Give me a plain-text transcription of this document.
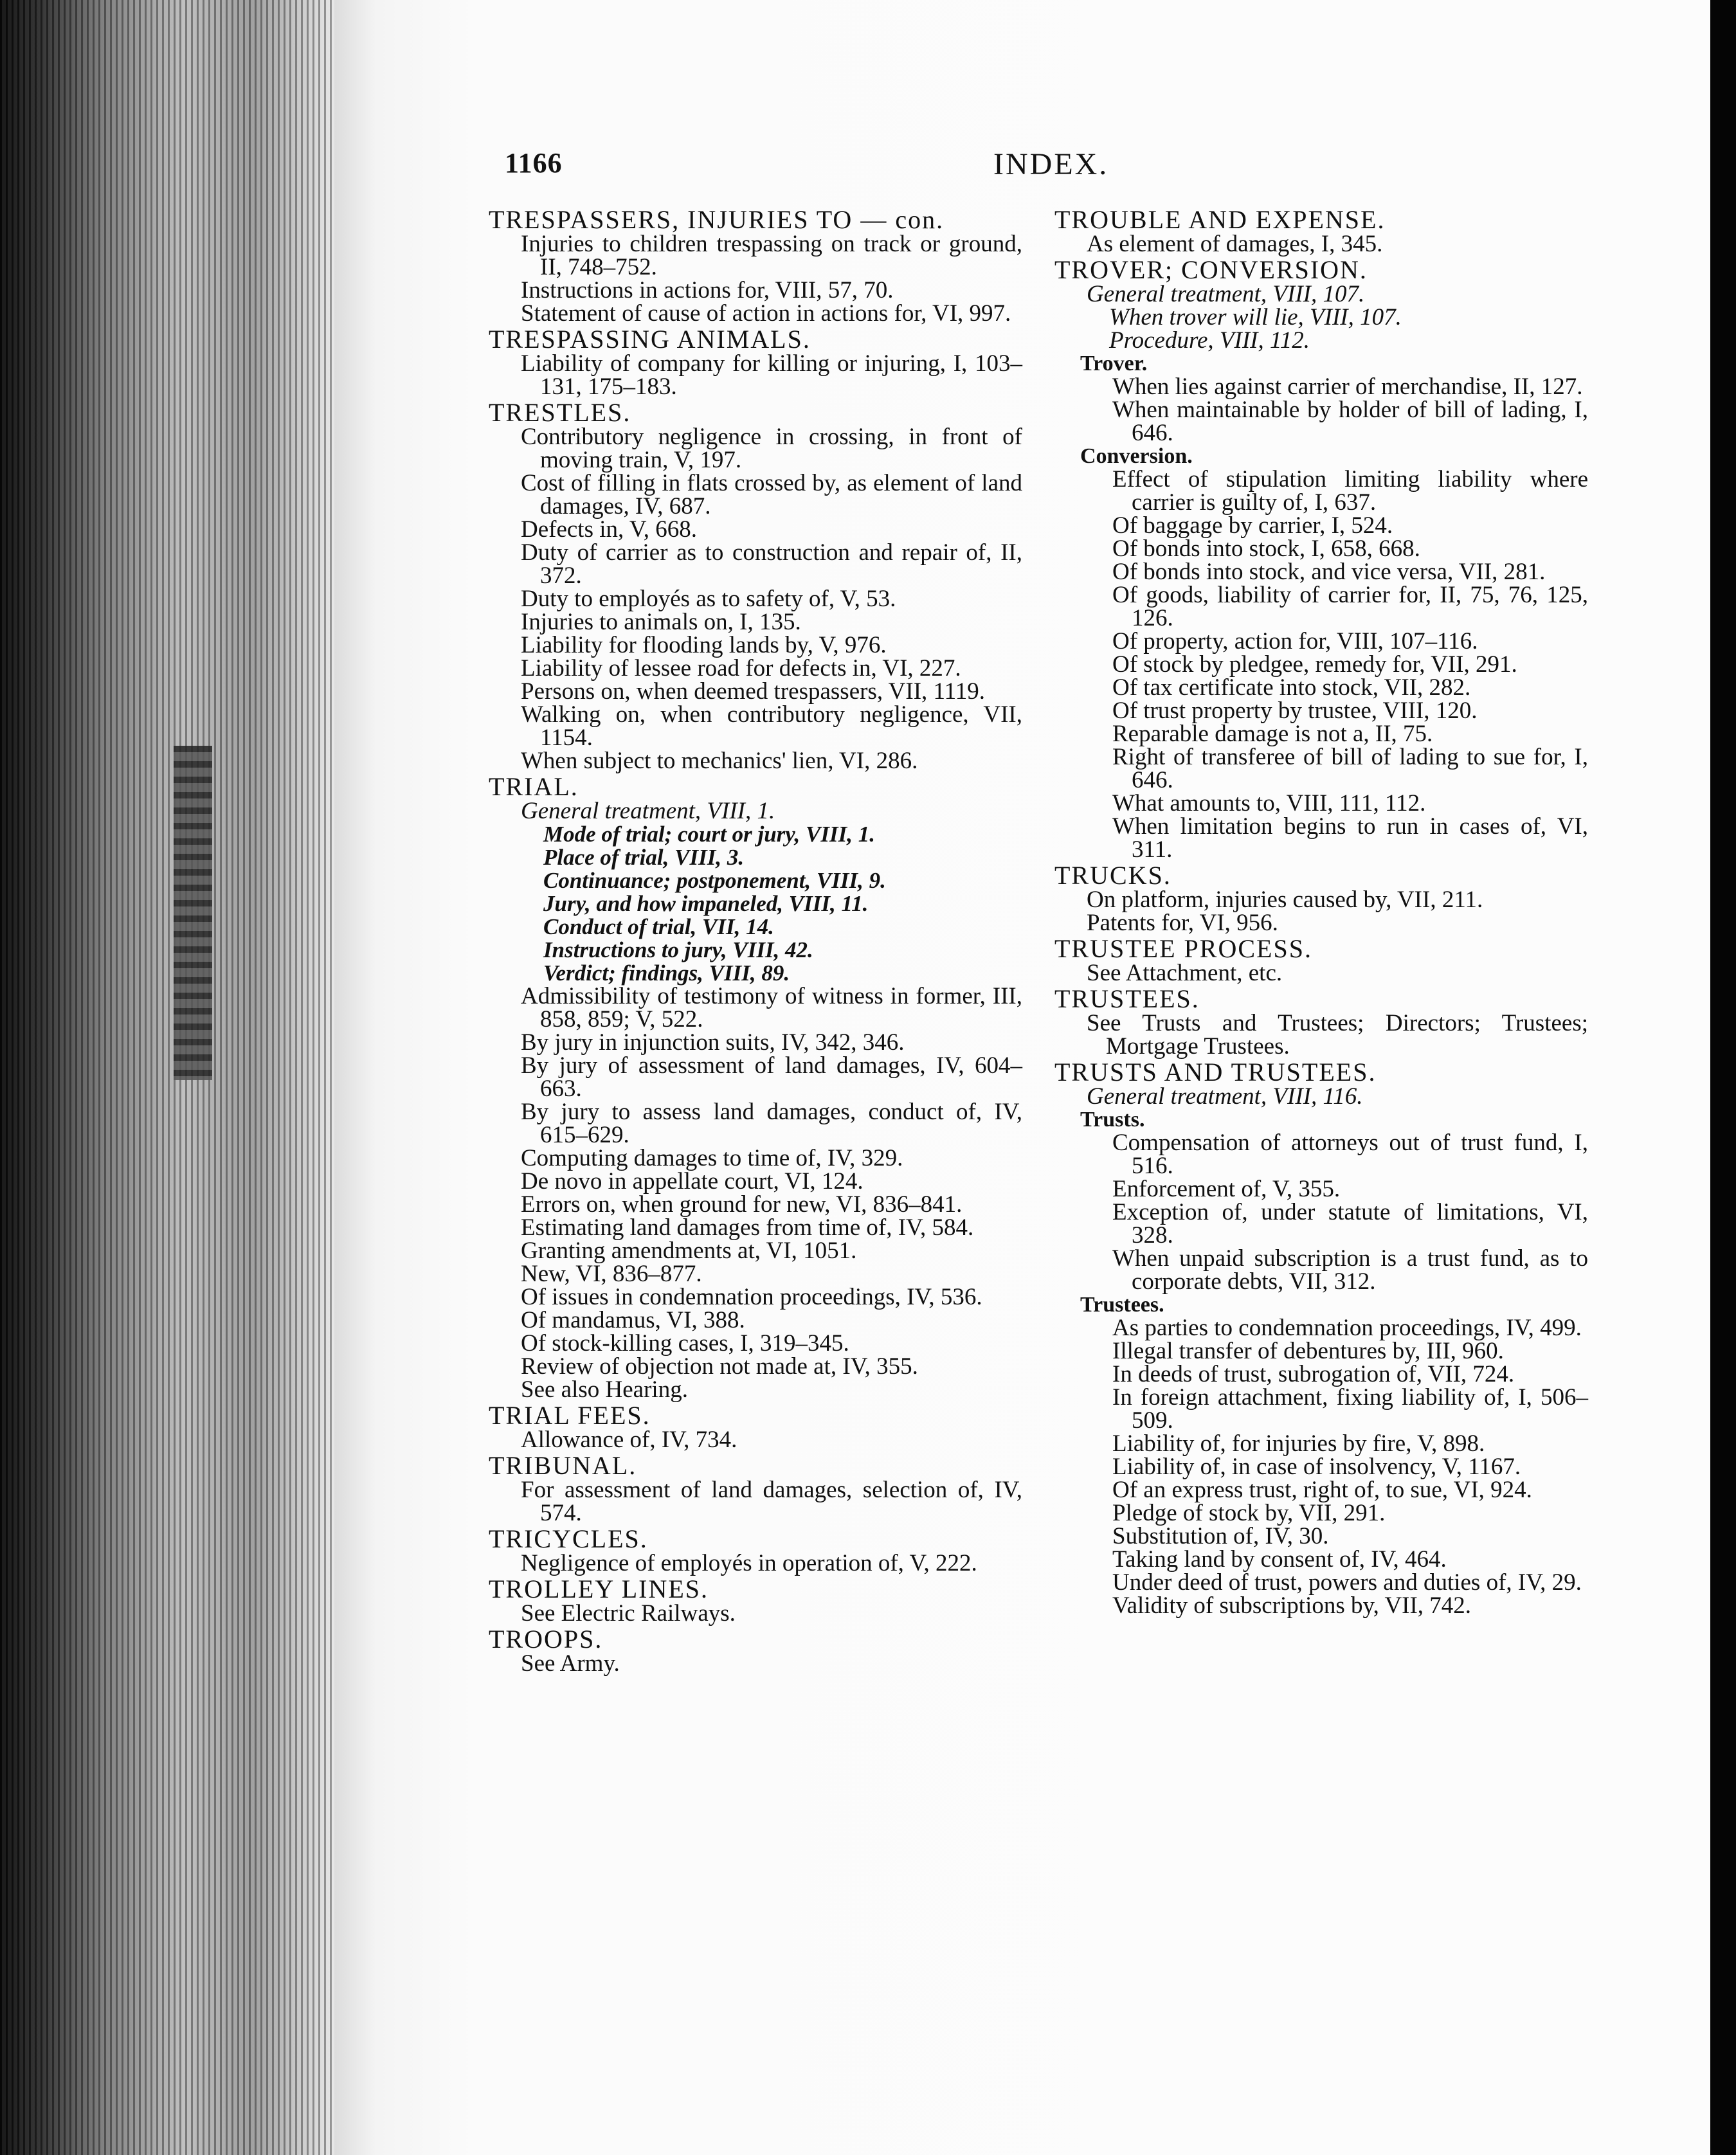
1166	INDEX.

TRESPASSERS, INJURIES TO — con.

Injuries to children trespassing on track or ground, II, 748–752.

Instructions in actions for, VIII, 57, 70.

Statement of cause of action in actions for, VI, 997.

TRESPASSING ANIMALS.

Liability of company for killing or injuring, I, 103–131, 175–183.

TRESTLES.

Contributory negligence in crossing, in front of moving train, V, 197.

Cost of filling in flats crossed by, as element of land damages, IV, 687.

Defects in, V, 668.

Duty of carrier as to construction and repair of, II, 372.

Duty to employés as to safety of, V, 53.

Injuries to animals on, I, 135.

Liability for flooding lands by, V, 976.

Liability of lessee road for defects in, VI, 227.

Persons on, when deemed trespassers, VII, 1119.

Walking on, when contributory negligence, VII, 1154.

When subject to mechanics' lien, VI, 286.

TRIAL.

General treatment, VIII, 1.

Mode of trial; court or jury, VIII, 1.

Place of trial, VIII, 3.

Continuance; postponement, VIII, 9.

Jury, and how impaneled, VIII, 11.

Conduct of trial, VII, 14.

Instructions to jury, VIII, 42.

Verdict; findings, VIII, 89.

Admissibility of testimony of witness in former, III, 858, 859; V, 522.

By jury in injunction suits, IV, 342, 346.

By jury of assessment of land damages, IV, 604–663.

By jury to assess land damages, conduct of, IV, 615–629.

Computing damages to time of, IV, 329.

De novo in appellate court, VI, 124.

Errors on, when ground for new, VI, 836–841.

Estimating land damages from time of, IV, 584.

Granting amendments at, VI, 1051.

New, VI, 836–877.

Of issues in condemnation proceedings, IV, 536.

Of mandamus, VI, 388.

Of stock-killing cases, I, 319–345.

Review of objection not made at, IV, 355.

See also Hearing.

TRIAL FEES.

Allowance of, IV, 734.

TRIBUNAL.

For assessment of land damages, selection of, IV, 574.

TRICYCLES.

Negligence of employés in operation of, V, 222.

TROLLEY LINES.

See Electric Railways.

TROOPS.

See Army.

TROUBLE AND EXPENSE.

As element of damages, I, 345.

TROVER; CONVERSION.

General treatment, VIII, 107.

When trover will lie, VIII, 107.

Procedure, VIII, 112.

Trover.

When lies against carrier of merchandise, II, 127.

When maintainable by holder of bill of lading, I, 646.

Conversion.

Effect of stipulation limiting liability where carrier is guilty of, I, 637.

Of baggage by carrier, I, 524.

Of bonds into stock, I, 658, 668.

Of bonds into stock, and vice versa, VII, 281.

Of goods, liability of carrier for, II, 75, 76, 125, 126.

Of property, action for, VIII, 107–116.

Of stock by pledgee, remedy for, VII, 291.

Of tax certificate into stock, VII, 282.

Of trust property by trustee, VIII, 120.

Reparable damage is not a, II, 75.

Right of transferee of bill of lading to sue for, I, 646.

What amounts to, VIII, 111, 112.

When limitation begins to run in cases of, VI, 311.

TRUCKS.

On platform, injuries caused by, VII, 211.

Patents for, VI, 956.

TRUSTEE PROCESS.

See Attachment, etc.

TRUSTEES.

See Trusts and Trustees; Directors; Trustees; Mortgage Trustees.

TRUSTS AND TRUSTEES.

General treatment, VIII, 116.

Trusts.

Compensation of attorneys out of trust fund, I, 516.

Enforcement of, V, 355.

Exception of, under statute of limitations, VI, 328.

When unpaid subscription is a trust fund, as to corporate debts, VII, 312.

Trustees.

As parties to condemnation proceedings, IV, 499.

Illegal transfer of debentures by, III, 960.

In deeds of trust, subrogation of, VII, 724.

In foreign attachment, fixing liability of, I, 506–509.

Liability of, for injuries by fire, V, 898.

Liability of, in case of insolvency, V, 1167.

Of an express trust, right of, to sue, VI, 924.

Pledge of stock by, VII, 291.

Substitution of, IV, 30.

Taking land by consent of, IV, 464.

Under deed of trust, powers and duties of, IV, 29.

Validity of subscriptions by, VII, 742.
